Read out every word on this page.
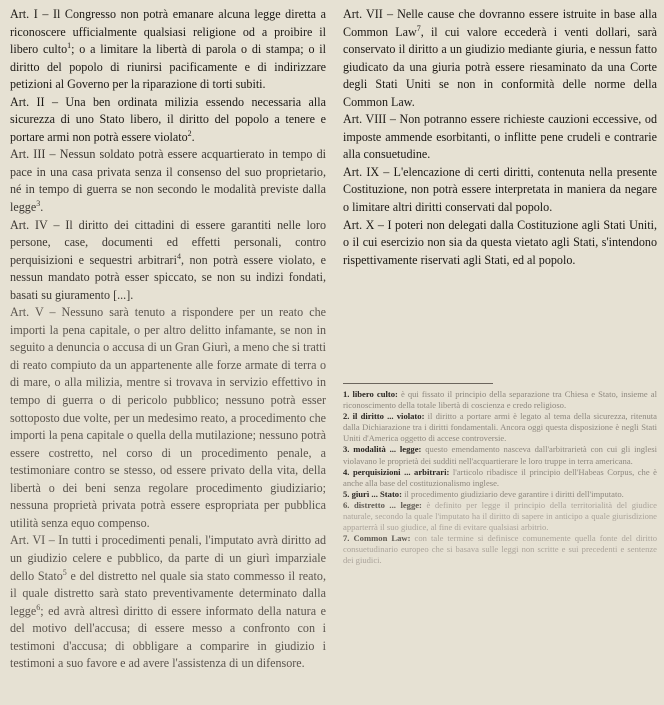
Art. I – Il Congresso non potrà emanare alcuna legge diretta a riconoscere ufficialmente qualsiasi religione od a proibire il libero culto$^1$; o a limitare la libertà di parola o di stampa; o il diritto del popolo di riunirsi pacificamente e di indirizzare petizioni al Governo per la riparazione di torti subiti.

Art. II – Una ben ordinata milizia essendo necessaria alla sicurezza di uno Stato libero, il diritto del popolo a tenere e portare armi non potrà essere violato$^2$.

Art. III – Nessun soldato potrà essere acquartierato in tempo di pace in una casa privata senza il consenso del suo proprietario, né in tempo di guerra se non secondo le modalità previste dalla legge$^3$.

Art. IV – Il diritto dei cittadini di essere garantiti nelle loro persone, case, documenti ed effetti personali, contro perquisizioni e sequestri arbitrari$^4$, non potrà essere violato, e nessun mandato potrà esser spiccato, se non su indizi fondati, basati su giuramento [...].

Art. V – Nessuno sarà tenuto a rispondere per un reato che importi la pena capitale, o per altro delitto infamante, se non in seguito a denuncia o accusa di un Gran Giurì, a meno che si tratti di reato compiuto da un appartenente alle forze armate di terra o di mare, o alla milizia, mentre si trovava in servizio effettivo in tempo di guerra o di pericolo pubblico; nessuno potrà esser sottoposto due volte, per un medesimo reato, a procedimento che importi la pena capitale o quella della mutilazione; nessuno potrà essere costretto, nel corso di un procedimento penale, a testimoniare contro se stesso, od essere privato della vita, della libertà o dei beni senza regolare procedimento giudiziario; nessuna proprietà privata potrà essere espropriata per pubblica utilità senza equo compenso.

Art. VI – In tutti i procedimenti penali, l'imputato avrà diritto ad un giudizio celere e pubblico, da parte di un giurì imparziale dello Stato$^5$ e del distretto nel quale sia stato commesso il reato, il quale distretto sarà stato preventivamente determinato dalla legge$^6$; ed avrà altresì diritto di essere informato della natura e del motivo dell'accusa; di essere messo a confronto con i testimoni d'accusa; di obbligare a comparire in giudizio i testimoni a suo favore e ad avere l'assistenza di un difensore.

Art. VII – Nelle cause che dovranno essere istruite in base alla Common Law$^7$, il cui valore eccederà i venti dollari, sarà conservato il diritto a un giudizio mediante giuria, e nessun fatto giudicato da una giuria potrà essere riesaminato da una Corte degli Stati Uniti se non in conformità delle norme della Common Law.

Art. VIII – Non potranno essere richieste cauzioni eccessive, od imposte ammende esorbitanti, o inflitte pene crudeli e contrarie alla consuetudine.

Art. IX – L'elencazione di certi diritti, contenuta nella presente Costituzione, non potrà essere interpretata in maniera da negare o limitare altri diritti conservati dal popolo.

Art. X – I poteri non delegati dalla Costituzione agli Stati Uniti, o il cui esercizio non sia da questa vietato agli Stati, s'intendono rispettivamente riservati agli Stati, ed al popolo.

1. libero culto: è qui fissato il principio della separazione tra Chiesa e Stato, insieme al riconoscimento della totale libertà di coscienza e credo religioso.

2. il diritto ... violato: il diritto a portare armi è legato al tema della sicurezza, ritenuta dalla Dichiarazione tra i diritti fondamentali. Ancora oggi questa disposizione è negli Stati Uniti d'America oggetto di accese controversie.

3. modalità ... legge: questo emendamento nasceva dall'arbitrarietà con cui gli inglesi violavano le proprietà dei sudditi nell'acquartierare le loro truppe in terra americana.

4. perquisizioni ... arbitrari: l'articolo ribadisce il principio dell'Habeas Corpus, che è anche alla base del costituzionalismo inglese.

5. giurì ... Stato: il procedimento giudiziario deve garantire i diritti dell'imputato.

6. distretto ... legge: è definito per legge il principio della territorialità del giudice naturale, secondo la quale l'imputato ha il diritto di sapere in anticipo a quale giurisdizione apparterrà il suo giudice, al fine di evitare qualsiasi arbitrio.

7. Common Law: con tale termine si definisce comunemente quella fonte del diritto consuetudinario europeo che si basava sulle leggi non scritte e sui precedenti e sentenze dei giudici.
